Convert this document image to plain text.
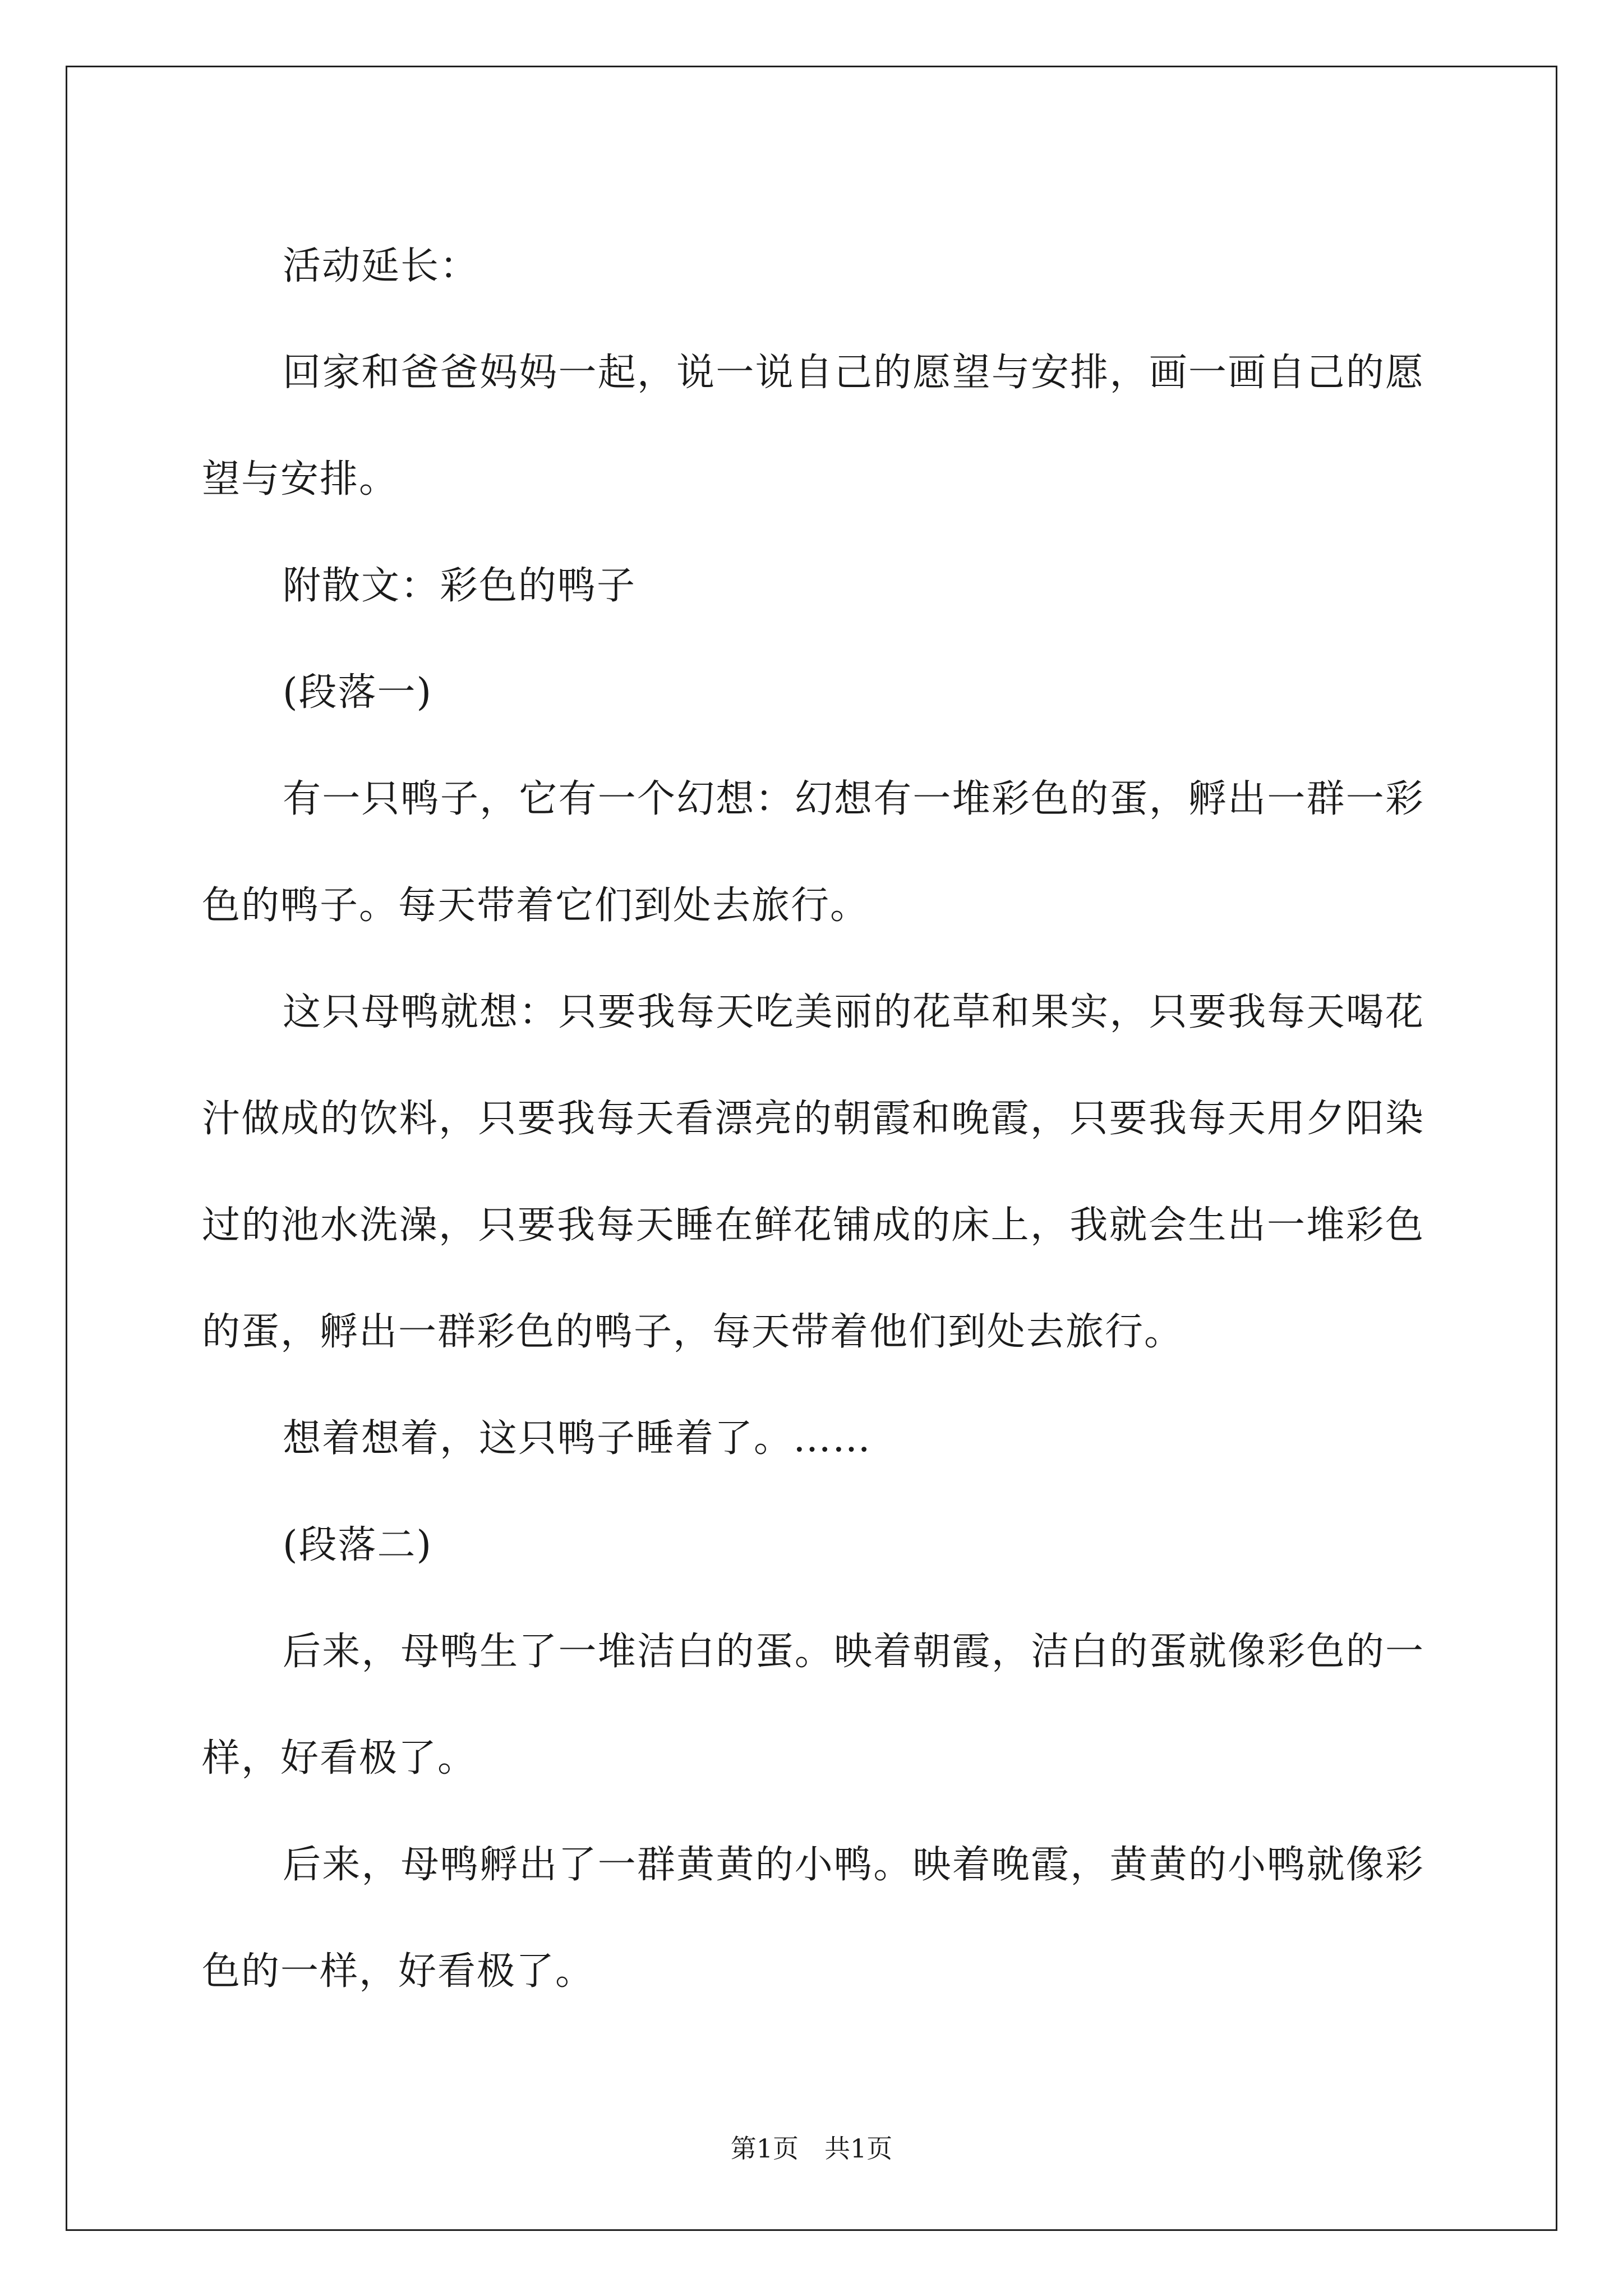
活动延长：

回家和爸爸妈妈一起，说一说自己的愿望与安排，画一画自己的愿望与安排。

附散文：彩色的鸭子

(段落一)

有一只鸭子，它有一个幻想：幻想有一堆彩色的蛋，孵出一群一彩色的鸭子。每天带着它们到处去旅行。

这只母鸭就想：只要我每天吃美丽的花草和果实，只要我每天喝花汁做成的饮料，只要我每天看漂亮的朝霞和晚霞，只要我每天用夕阳染过的池水洗澡，只要我每天睡在鲜花铺成的床上，我就会生出一堆彩色的蛋，孵出一群彩色的鸭子，每天带着他们到处去旅行。

想着想着，这只鸭子睡着了。……

(段落二)

后来，母鸭生了一堆洁白的蛋。映着朝霞，洁白的蛋就像彩色的一样，好看极了。

后来，母鸭孵出了一群黄黄的小鸭。映着晚霞，黄黄的小鸭就像彩色的一样，好看极了。

第1页 共1页
